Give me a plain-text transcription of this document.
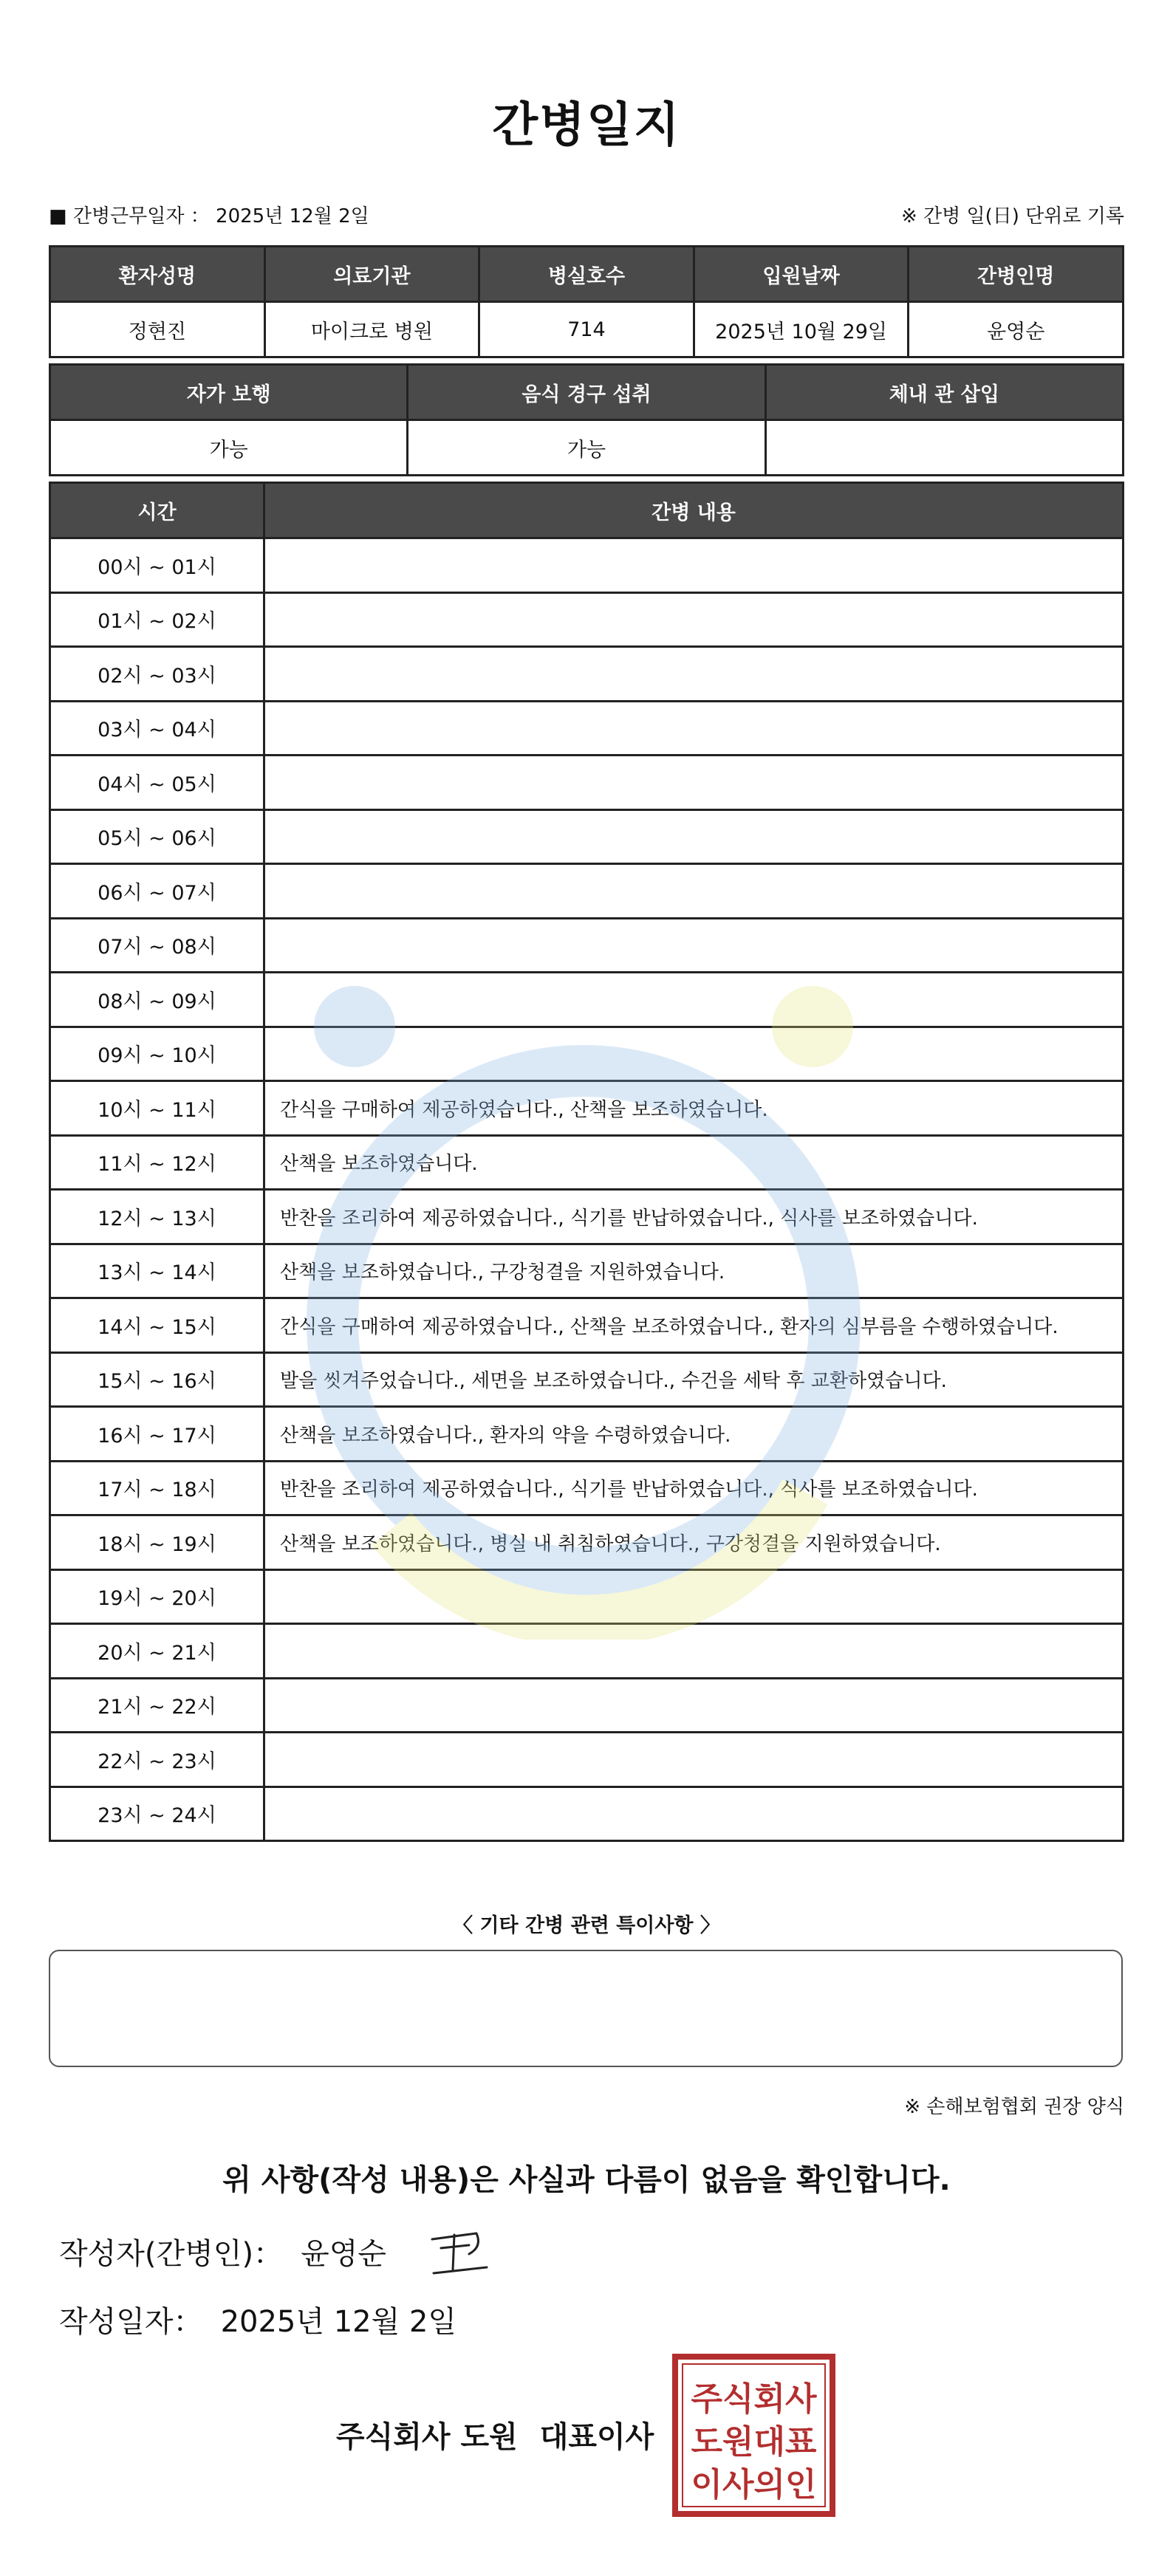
간병일지
■ 간병근무일자 ： 2025년 12월 2일	※ 간병 일(日) 단위로 기록
환자성명	의료기관	병실호수	입원날짜	간병인명
정현진	마이크로 병원	714	2025년 10월 29일	윤영순
자가 보행	음식 경구 섭취	체내 관 삽입
가능	가능	
시간	간병 내용
00시 ~ 01시	
01시 ~ 02시	
02시 ~ 03시	
03시 ~ 04시	
04시 ~ 05시	
05시 ~ 06시	
06시 ~ 07시	
07시 ~ 08시	
08시 ~ 09시	
09시 ~ 10시	
10시 ~ 11시	간식을 구매하여 제공하였습니다., 산책을 보조하였습니다.
11시 ~ 12시	산책을 보조하였습니다.
12시 ~ 13시	반찬을 조리하여 제공하였습니다., 식기를 반납하였습니다., 식사를 보조하였습니다.
13시 ~ 14시	산책을 보조하였습니다., 구강청결을 지원하였습니다.
14시 ~ 15시	간식을 구매하여 제공하였습니다., 산책을 보조하였습니다., 환자의 심부름을 수행하였습니다.
15시 ~ 16시	발을 씻겨주었습니다., 세면을 보조하였습니다., 수건을 세탁 후 교환하였습니다.
16시 ~ 17시	산책을 보조하였습니다., 환자의 약을 수령하였습니다.
17시 ~ 18시	반찬을 조리하여 제공하였습니다., 식기를 반납하였습니다., 식사를 보조하였습니다.
18시 ~ 19시	산책을 보조하였습니다., 병실 내 취침하였습니다., 구강청결을 지원하였습니다.
19시 ~ 20시	
20시 ~ 21시	
21시 ~ 22시	
22시 ~ 23시	
23시 ~ 24시	
〈 기타 간병 관련 특이사항 〉
※ 손해보험협회 권장 양식
위 사항(작성 내용)은 사실과 다름이 없음을 확인합니다.
작성자(간병인)： 윤영순
작성일자： 2025년 12월 2일
주식회사 도원 대표이사
주식회사
도원대표
이사의인
